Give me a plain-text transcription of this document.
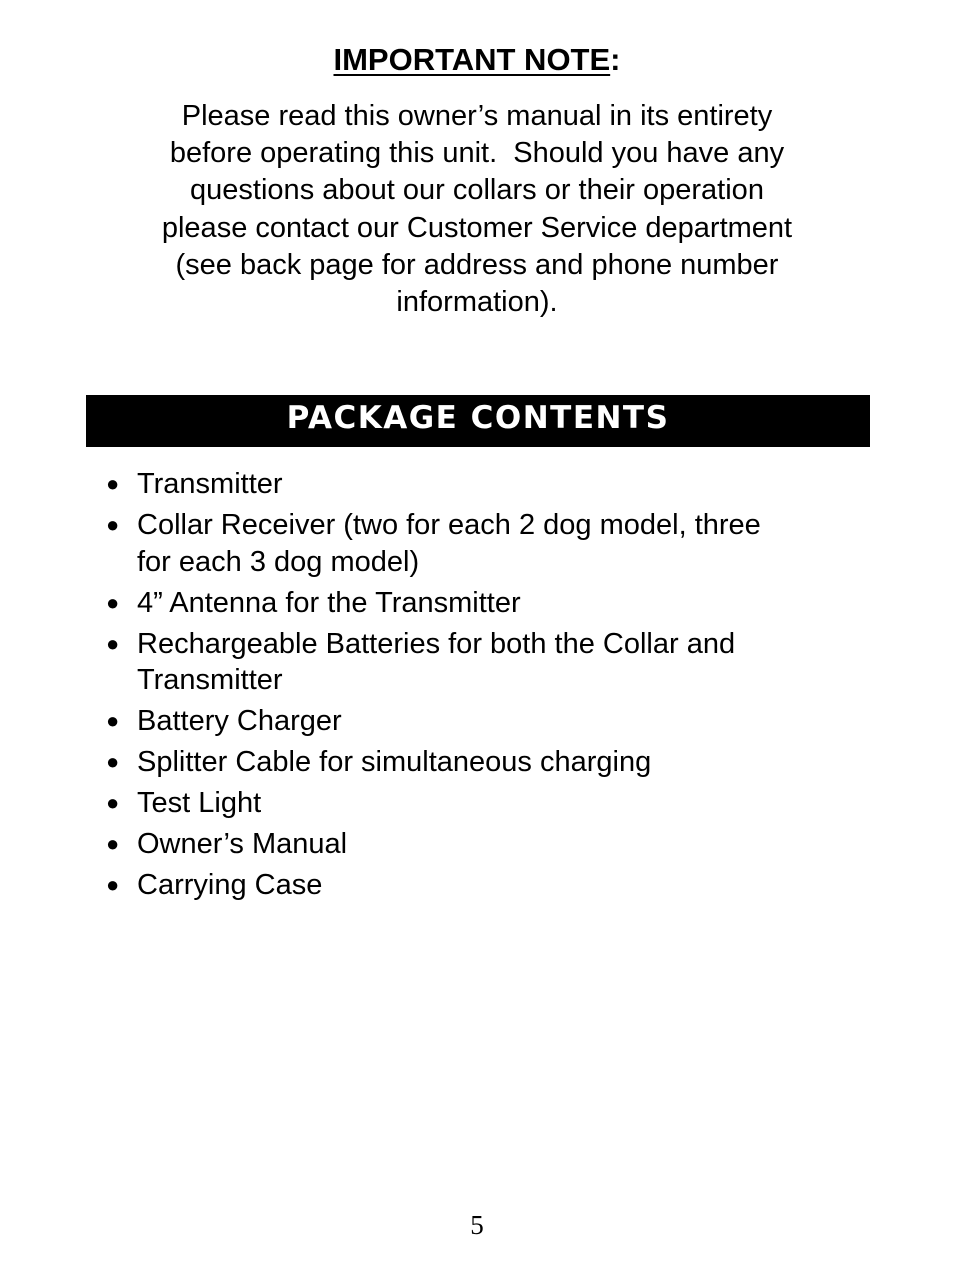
IMPORTANT NOTE:
Please read this owner’s manual in its entirety
before operating this unit.  Should you have any
questions about our collars or their operation
please contact our Customer Service department
(see back page for address and phone number
information).
PACKAGE CONTENTS
● Transmitter
● Collar Receiver (two for each 2 dog model, three
for each 3 dog model)
● 4” Antenna for the Transmitter
● Rechargeable Batteries for both the Collar and
Transmitter
● Battery Charger
● Splitter Cable for simultaneous charging
● Test Light
● Owner’s Manual
● Carrying Case
5
